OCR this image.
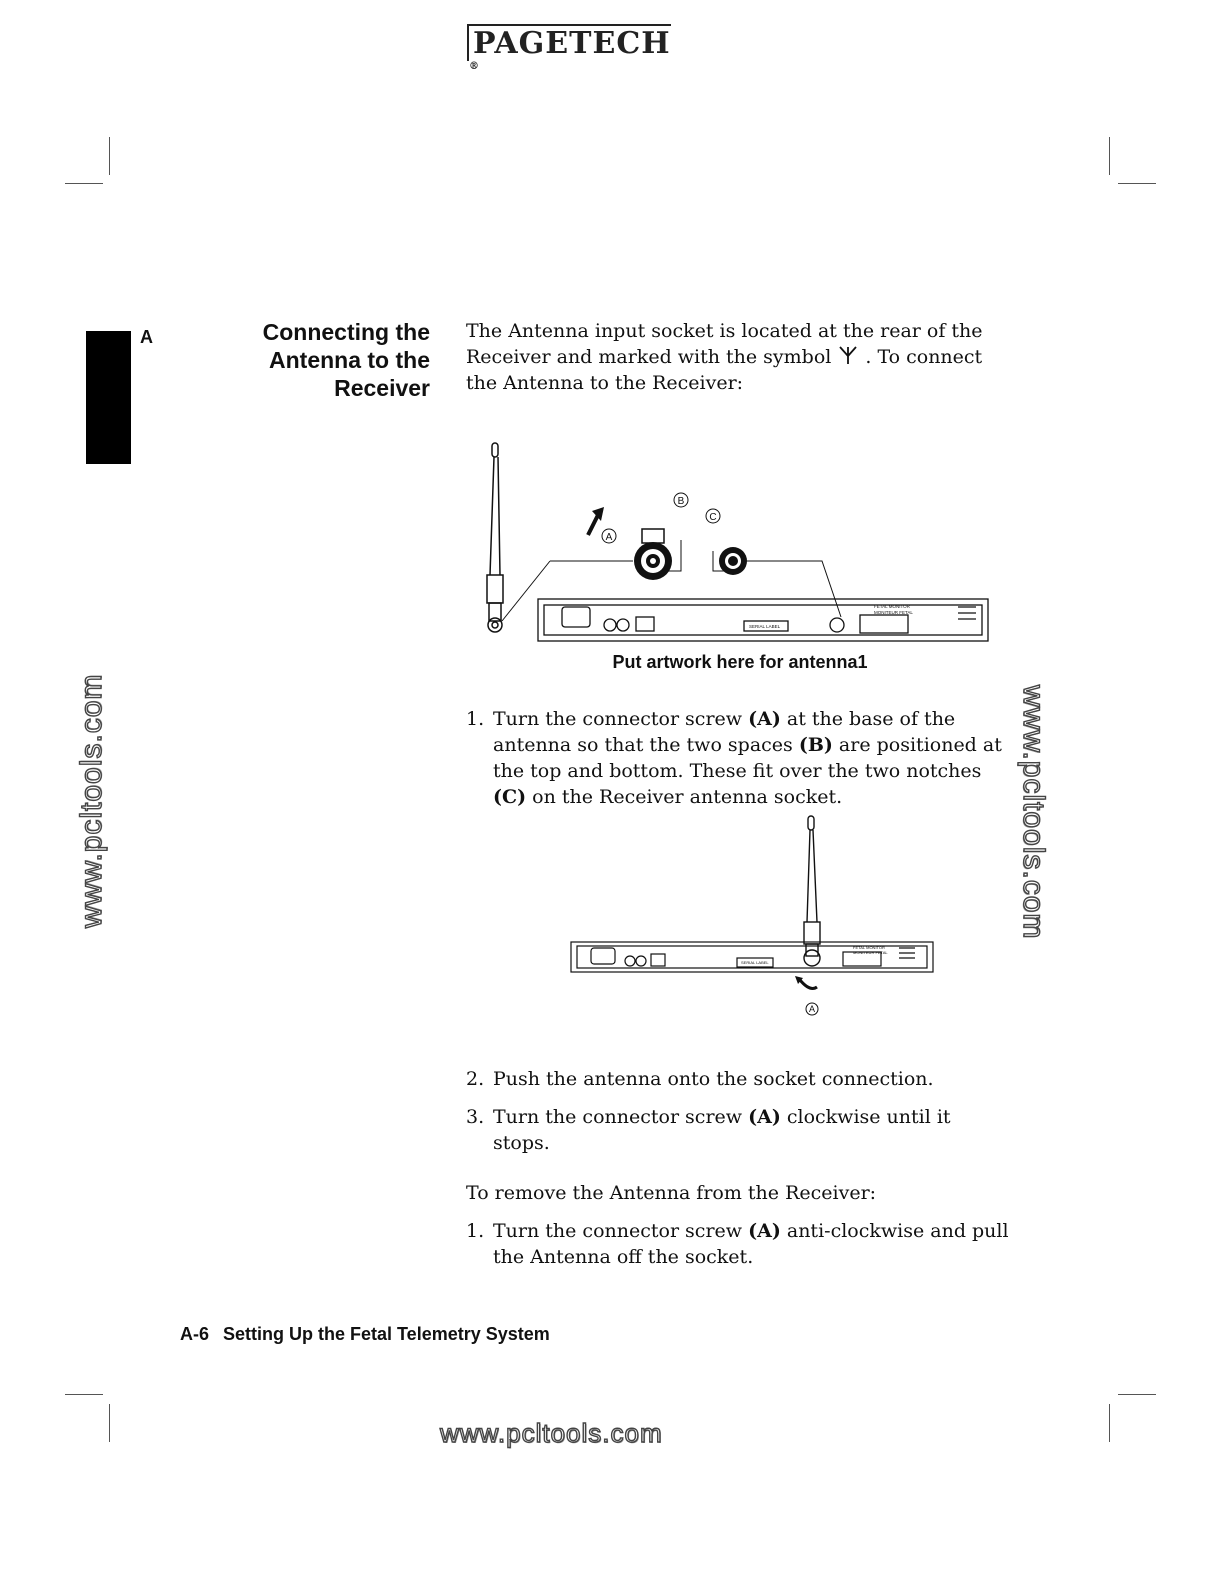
PAGETECH®
A	Connecting the
Antenna to the
Receiver
The Antenna input socket is located at the rear of the Receiver and marked with the symbol . To connect the Antenna to the Receiver:
A
B
C
FETAL MONITOR
MONITEUR FETAL
SERIAL LABEL
Put artwork here for antenna1
1. Turn the connector screw (A) at the base of the antenna so that the two spaces (B) are positioned at the top and bottom. These fit over the two notches (C) on the Receiver antenna socket.
FETAL MONITOR
MONITEUR FETAL
SERIAL LABEL
A
2. Push the antenna onto the socket connection.
3. Turn the connector screw (A) clockwise until it stops.
To remove the Antenna from the Receiver:
1. Turn the connector screw (A) anti-clockwise and pull the Antenna off the socket.
A-6 Setting Up the Fetal Telemetry System
www.pcltools.com	www.pcltools.com
www.pcltools.com
